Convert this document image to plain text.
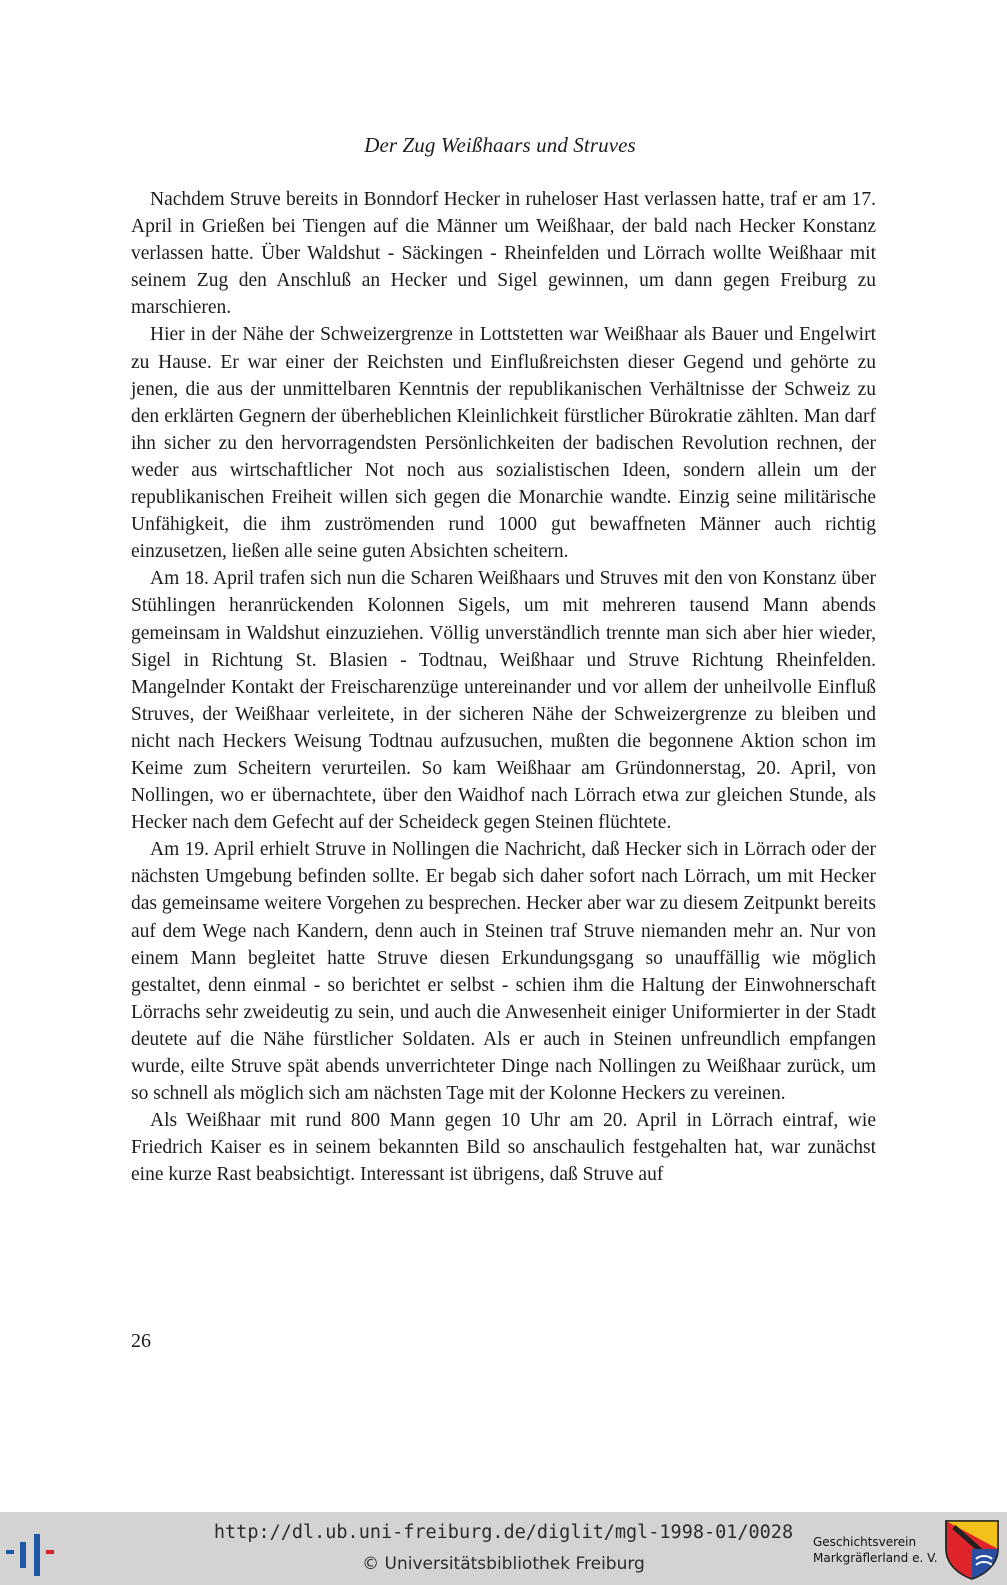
Der Zug Weißhaars und Struves

Nachdem Struve bereits in Bonndorf Hecker in ruheloser Hast verlassen hatte, traf er am 17. April in Grießen bei Tiengen auf die Männer um Weißhaar, der bald nach Hecker Konstanz verlassen hatte. Über Waldshut - Säckingen - Rheinfelden und Lörrach wollte Weißhaar mit seinem Zug den Anschluß an Hecker und Sigel gewinnen, um dann gegen Freiburg zu marschieren.

Hier in der Nähe der Schweizergrenze in Lottstetten war Weißhaar als Bauer und Engelwirt zu Hause. Er war einer der Reichsten und Einflußreichsten dieser Gegend und gehörte zu jenen, die aus der unmittelbaren Kenntnis der republikanischen Verhältnisse der Schweiz zu den erklärten Gegnern der überheblichen Kleinlichkeit fürstlicher Bürokratie zählten. Man darf ihn sicher zu den hervorragendsten Persönlichkeiten der badischen Revolution rechnen, der weder aus wirtschaftlicher Not noch aus sozialistischen Ideen, sondern allein um der republikanischen Freiheit willen sich gegen die Monarchie wandte. Einzig seine militärische Unfähigkeit, die ihm zuströmenden rund 1000 gut bewaffneten Männer auch richtig einzusetzen, ließen alle seine guten Absichten scheitern.

Am 18. April trafen sich nun die Scharen Weißhaars und Struves mit den von Konstanz über Stühlingen heranrückenden Kolonnen Sigels, um mit mehreren tausend Mann abends gemeinsam in Waldshut einzuziehen. Völlig unverständlich trennte man sich aber hier wieder, Sigel in Richtung St. Blasien - Todtnau, Weißhaar und Struve Richtung Rheinfelden. Mangelnder Kontakt der Freischarenzüge untereinander und vor allem der unheilvolle Einfluß Struves, der Weißhaar verleitete, in der sicheren Nähe der Schweizergrenze zu bleiben und nicht nach Heckers Weisung Todtnau aufzusuchen, mußten die begonnene Aktion schon im Keime zum Scheitern verurteilen. So kam Weißhaar am Gründonnerstag, 20. April, von Nollingen, wo er übernachtete, über den Waidhof nach Lörrach etwa zur gleichen Stunde, als Hecker nach dem Gefecht auf der Scheideck gegen Steinen flüchtete.

Am 19. April erhielt Struve in Nollingen die Nachricht, daß Hecker sich in Lörrach oder der nächsten Umgebung befinden sollte. Er begab sich daher sofort nach Lörrach, um mit Hecker das gemeinsame weitere Vorgehen zu besprechen. Hecker aber war zu diesem Zeitpunkt bereits auf dem Wege nach Kandern, denn auch in Steinen traf Struve niemanden mehr an. Nur von einem Mann begleitet hatte Struve diesen Erkundungsgang so unauffällig wie möglich gestaltet, denn einmal - so berichtet er selbst - schien ihm die Haltung der Einwohnerschaft Lörrachs sehr zweideutig zu sein, und auch die Anwesenheit einiger Uniformierter in der Stadt deutete auf die Nähe fürstlicher Soldaten. Als er auch in Steinen unfreundlich empfangen wurde, eilte Struve spät abends unverrichteter Dinge nach Nollingen zu Weißhaar zurück, um so schnell als möglich sich am nächsten Tage mit der Kolonne Heckers zu vereinen.

Als Weißhaar mit rund 800 Mann gegen 10 Uhr am 20. April in Lörrach eintraf, wie Friedrich Kaiser es in seinem bekannten Bild so anschaulich festgehalten hat, war zunächst eine kurze Rast beabsichtigt. Interessant ist übrigens, daß Struve auf

26
http://dl.ub.uni-freiburg.de/diglit/mgl-1998-01/0028
© Universitätsbibliothek Freiburg
Geschichtsverein
Markgräflerland e. V.
